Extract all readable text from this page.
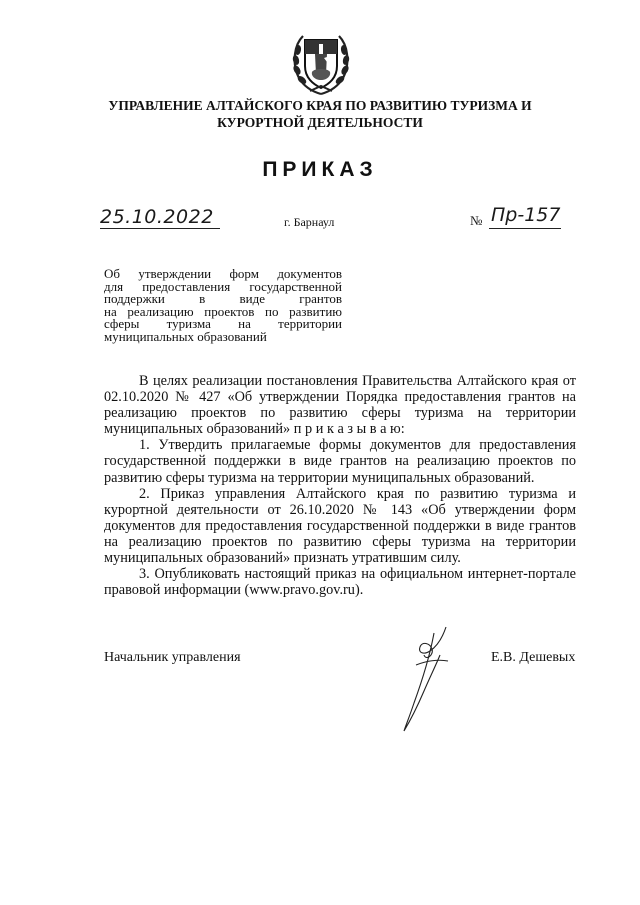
УПРАВЛЕНИЕ АЛТАЙСКОГО КРАЯ ПО РАЗВИТИЮ ТУРИЗМА И КУРОРТНОЙ ДЕЯТЕЛЬНОСТИ
ПРИКАЗ
25.10.2022	г. Барнаул	№ Пр-157
Об утверждении форм документов
для предоставления государственной
поддержки в виде грантов
на реализацию проектов по развитию
сферы туризма на территории
муниципальных образований

В целях реализации постановления Правительства Алтайского края от 02.10.2020 № 427 «Об утверждении Порядка предоставления грантов на реализацию проектов по развитию сферы туризма на территории муниципальных образований» п р и к а з ы в а ю:

1. Утвердить прилагаемые формы документов для предоставления государственной поддержки в виде грантов на реализацию проектов по развитию сферы туризма на территории муниципальных образований.

2. Приказ управления Алтайского края по развитию туризма и курортной деятельности от 26.10.2020 № 143 «Об утверждении форм документов для предоставления государственной поддержки в виде грантов на реализацию проектов по развитию сферы туризма на территории муниципальных образований» признать утратившим силу.

3. Опубликовать настоящий приказ на официальном интернет-портале правовой информации (www.pravo.gov.ru).

Начальник управления	Е.В. Дешевых
